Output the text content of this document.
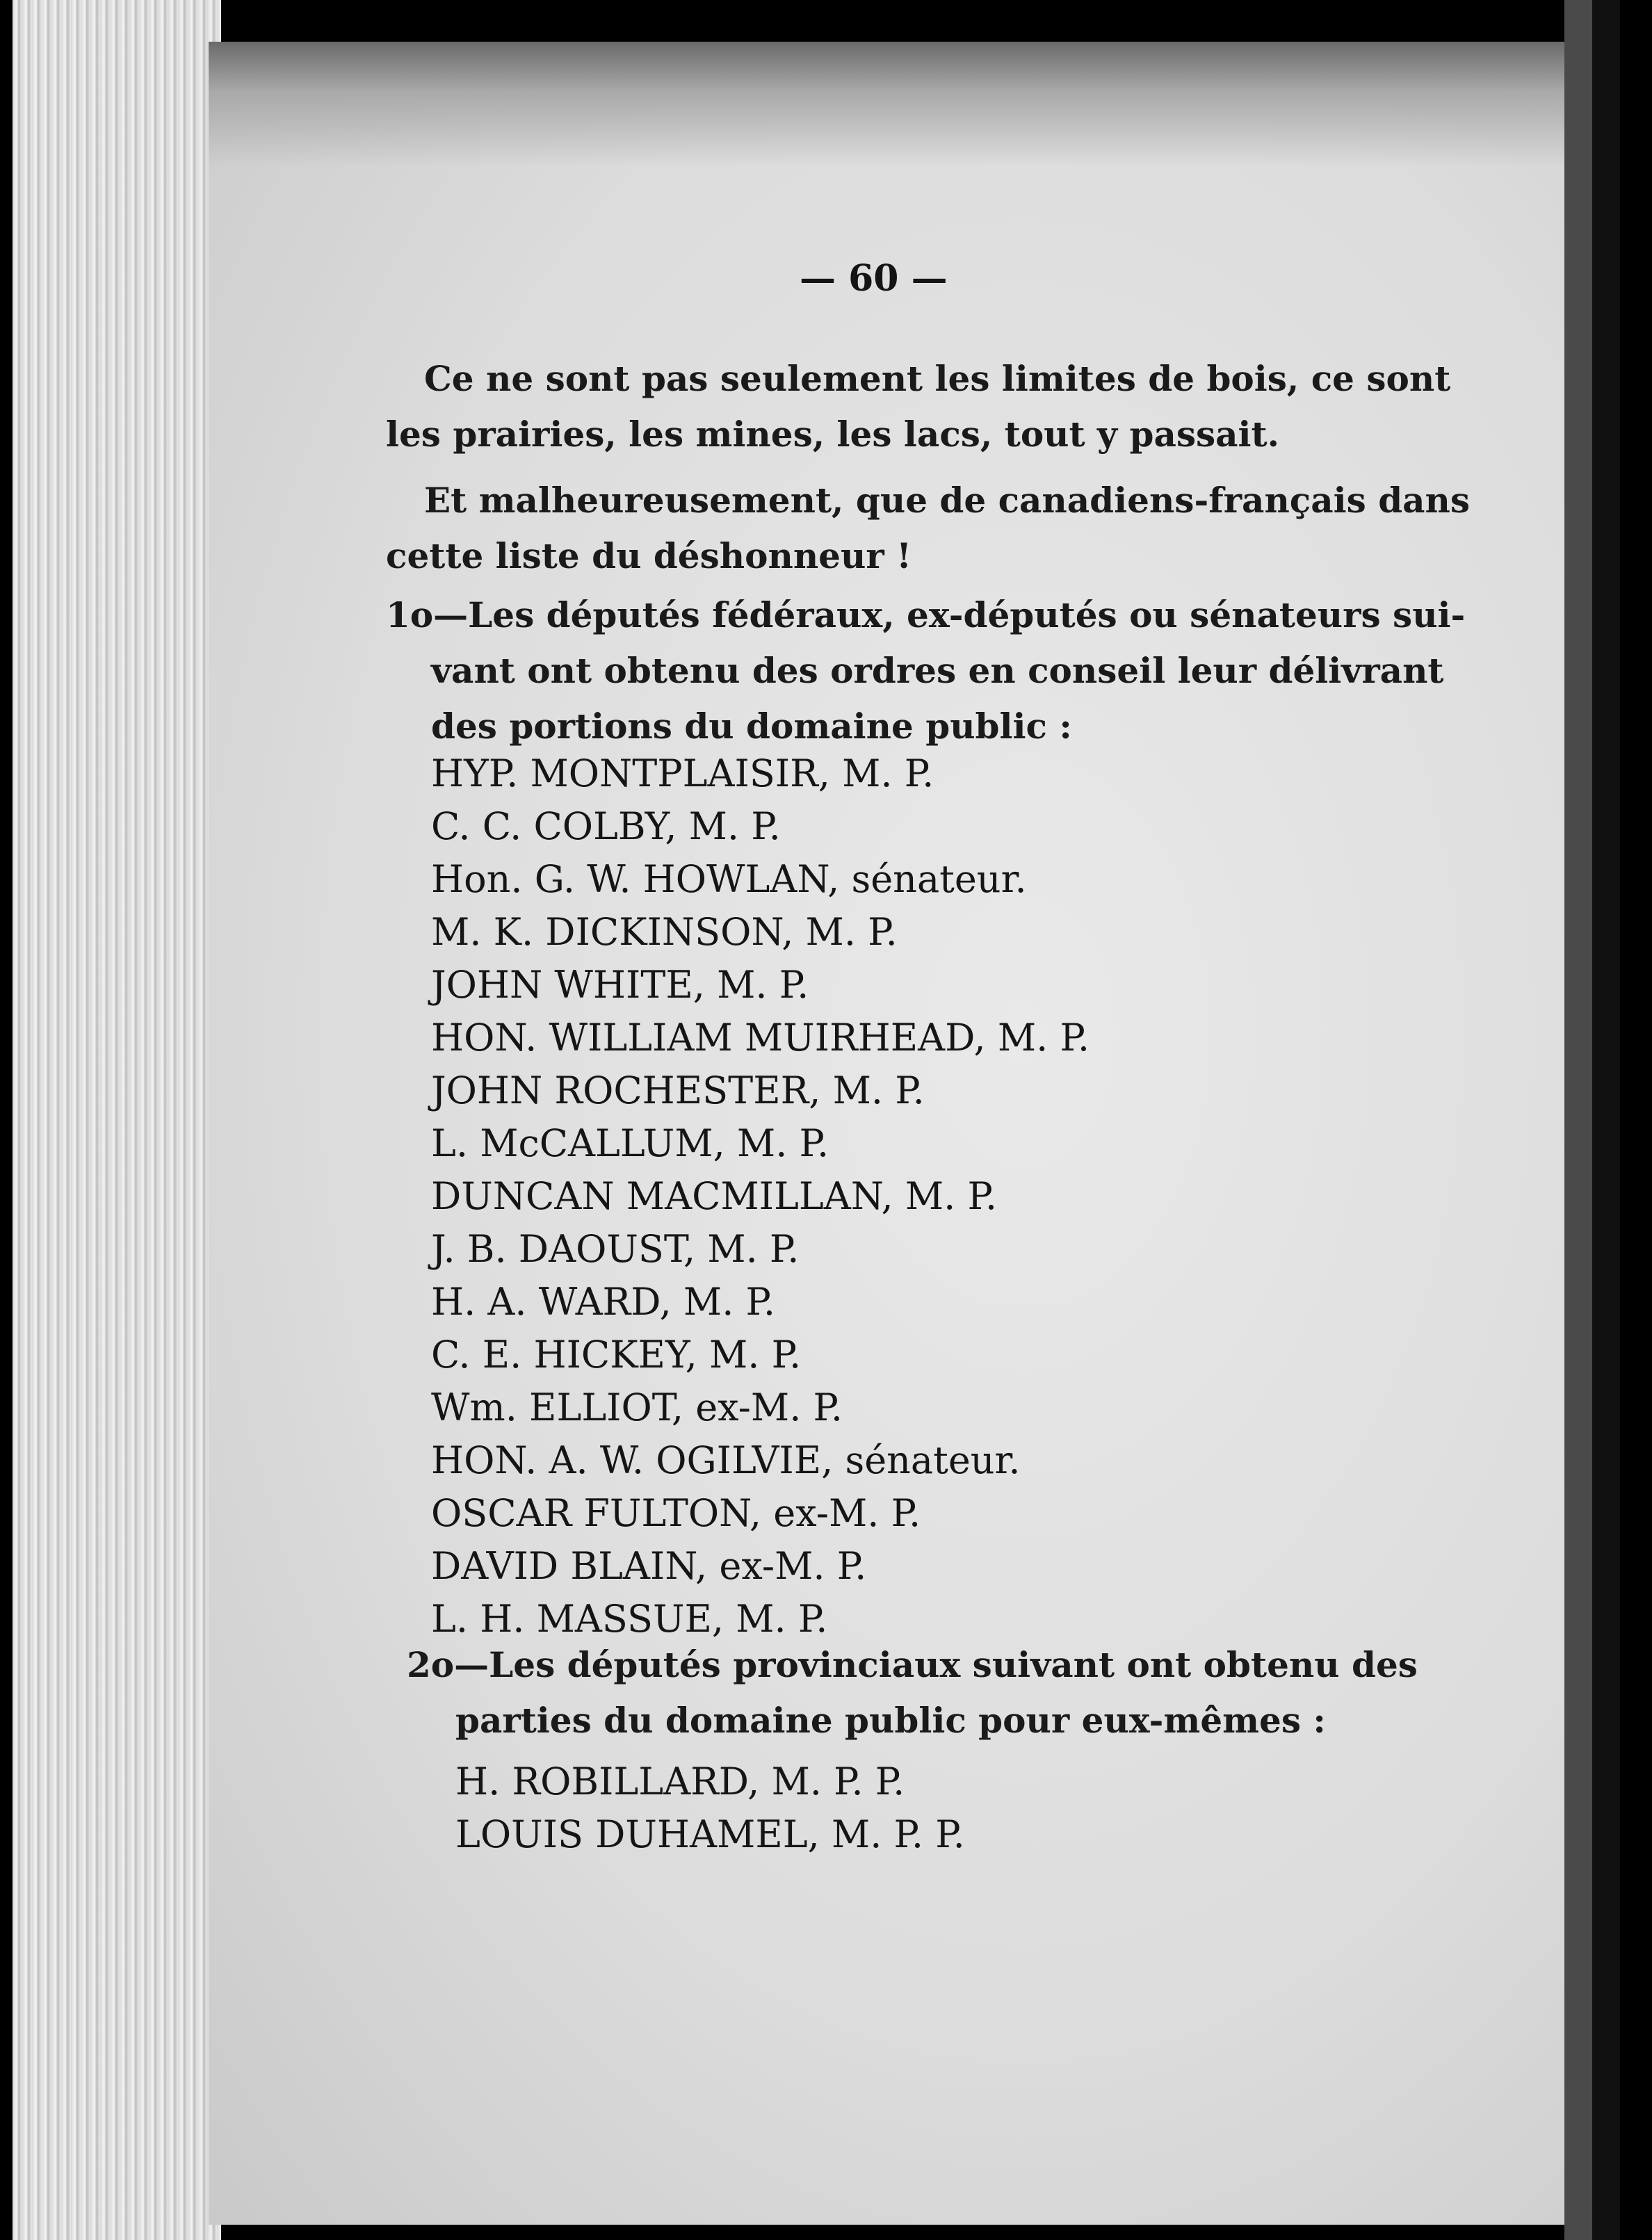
— 60 —
Ce ne sont pas seulement les limites de bois, ce sont
les prairies, les mines, les lacs, tout y passait.
Et malheureusement, que de canadiens-français dans
cette liste du déshonneur !
1o—Les députés fédéraux, ex-députés ou sénateurs sui-
vant ont obtenu des ordres en conseil leur délivrant
des portions du domaine public :
HYP. MONTPLAISIR, M. P.
C. C. COLBY, M. P.
Hon. G. W. HOWLAN, sénateur.
M. K. DICKINSON, M. P.
JOHN WHITE, M. P.
HON. WILLIAM MUIRHEAD, M. P.
JOHN ROCHESTER, M. P.
L. McCALLUM, M. P.
DUNCAN MACMILLAN, M. P.
J. B. DAOUST, M. P.
H. A. WARD, M. P.
C. E. HICKEY, M. P.
Wm. ELLIOT, ex-M. P.
HON. A. W. OGILVIE, sénateur.
OSCAR FULTON, ex-M. P.
DAVID BLAIN, ex-M. P.
L. H. MASSUE, M. P.
2o—Les députés provinciaux suivant ont obtenu des
parties du domaine public pour eux-mêmes :
H. ROBILLARD, M. P. P.
LOUIS DUHAMEL, M. P. P.
